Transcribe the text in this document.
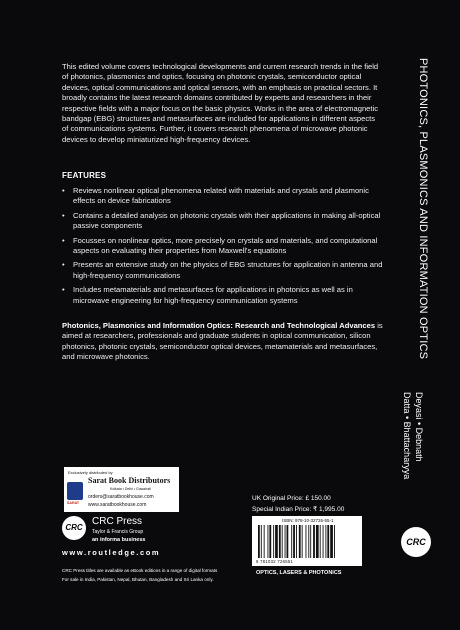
This edited volume covers technological developments and current research trends in the field of photonics, plasmonics and optics, focusing on photonic crystals, semiconductor optical devices, optical communications and optical sensors, with an emphasis on practical sectors. It broadly contains the latest research domains contributed by experts and researchers in their respective fields with a major focus on the basic physics. Works in the area of electromagnetic bandgap (EBG) structures and metasurfaces are included for applications in different aspects of communications systems. Further, it covers research phenomena of microwave photonic devices to develop miniaturized high-frequency devices.

FEATURES
• Reviews nonlinear optical phenomena related with materials and crystals and plasmonic effects on device fabrications
• Contains a detailed analysis on photonic crystals with their applications in making all-optical passive components
• Focusses on nonlinear optics, more precisely on crystals and materials, and computational aspects on evaluating their properties from Maxwell's equations
• Presents an extensive study on the physics of EBG structures for application in antenna and high-frequency communications
• Includes metamaterials and metasurfaces for applications in photonics as well as in microwave engineering for high-frequency communication systems

Photonics, Plasmonics and Information Optics: Research and Technological Advances is aimed at researchers, professionals and graduate students in optical communication, silicon photonics, photonic crystals, semiconductor optical devices, metamaterials and metasurfaces, and microwave photonics.	PHOTONICS, PLASMONICS AND INFORMATION OPTICS
Deyasi • Debnath
Datta • Bhattacharyya
Exclusively distributed by
SARAT
Sarat Book Distributors
Kolkata • Delhi • Guwahati
orders@saratbookhouse.com
www.saratbookhouse.com
CRC
CRC Press
Taylor & Francis Group
an informa business
www.routledge.com
CRC Press titles are available as eBook editions in a range of digital formats
For sale in India, Pakistan, Nepal, Bhutan, Bangladesh and Sri Lanka only.
UK Original Price: £ 150.00
Special Indian Price: ₹ 1,995.00
ISBN: 978-10-32726-55-1
9 781032 726551
OPTICS, LASERS & PHOTONICS
CRC
